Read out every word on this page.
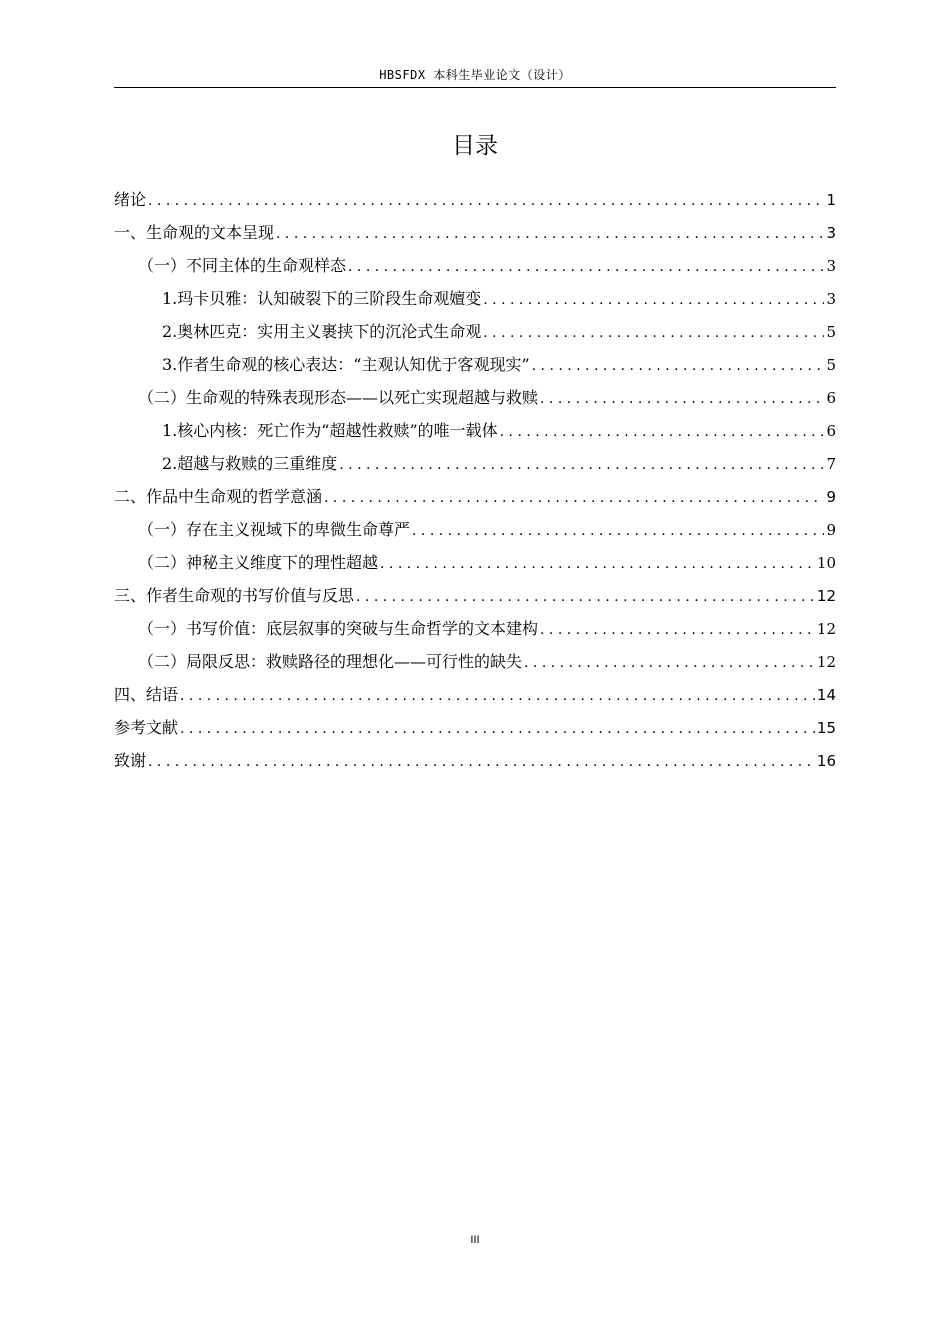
HBSFDX 本科生毕业论文（设计）
目录
绪论 . . .	1
一、生命观的文本呈现 . . .	3
（一）不同主体的生命观样态 . . .	3
1.玛卡贝雅：认知破裂下的三阶段生命观嬗变 . . .	3
2.奥林匹克：实用主义裹挟下的沉沦式生命观 . . .	5
3.作者生命观的核心表达：“主观认知优于客观现实” . . .	5
（二）生命观的特殊表现形态——以死亡实现超越与救赎 . . .	6
1.核心内核：死亡作为“超越性救赎”的唯一载体 . . .	6
2.超越与救赎的三重维度 . . .	7
二、作品中生命观的哲学意涵 . . .	9
（一）存在主义视域下的卑微生命尊严 . . .	9
（二）神秘主义维度下的理性超越 . . .	10
三、作者生命观的书写价值与反思 . . .	12
（一）书写价值：底层叙事的突破与生命哲学的文本建构 . . .	12
（二）局限反思：救赎路径的理想化——可行性的缺失 . . .	12
四、结语 . . .	14
参考文献 . . .	15
致谢 . . .	16
III
